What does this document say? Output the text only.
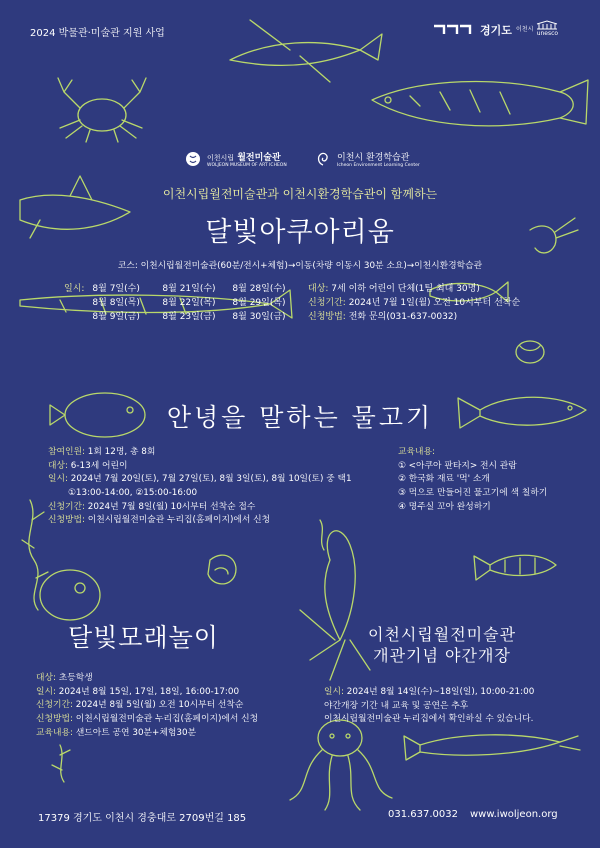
2024 박물관·미술관 지원 사업	경기도 이천시
unesco
이천시립 월전미술관
WOLJEON MUSEUM OF ART ICHEON
이천시 환경학습관
Icheon Environment Learning Center
이천시립월전미술관과 이천시환경학습관이 함께하는
달빛아쿠아리움
코스: 이천시립월전미술관(60분/전시+체험)→이동(차량 이동시 30분 소요)→이천시환경학습관
일시: 8월 7일(수)	8월 21일(수)	8월 28일(수)
8월 8일(목)	8월 22일(목)	8월 29일(목)
8월 9일(금)	8월 23일(금)	8월 30일(금)
대상: 7세 이하 어린이 단체(1팀 최대 30명)
신청기간: 2024년 7월 1일(월) 오전 10시부터 선착순
신청방법: 전화 문의(031-637-0032)
안녕을 말하는 물고기
참여인원: 1회 12명, 총 8회
대상: 6-13세 어린이
일시: 2024년 7월 20일(토), 7월 27일(토), 8월 3일(토), 8월 10일(토) 중 택1
①13:00-14:00, ②15:00-16:00
신청기간: 2024년 7월 8일(월) 10시부터 선착순 접수
신청방법: 이천시립월전미술관 누리집(홈페이지)에서 신청
교육내용:
① <아쿠아 판타지> 전시 관람
② 한국화 재료 '먹' 소개
③ 먹으로 만들어진 물고기에 색 칠하기
④ 명주실 꼬아 완성하기
달빛모래놀이
대상: 초등학생
일시: 2024년 8월 15일, 17일, 18일, 16:00-17:00
신청기간: 2024년 8월 5일(월) 오전 10시부터 선착순
신청방법: 이천시립월전미술관 누리집(홈페이지)에서 신청
교육내용: 샌드아트 공연 30분+체험30분
이천시립월전미술관
개관기념 야간개장
일시: 2024년 8월 14일(수)~18일(일), 10:00-21:00
야간개장 기간 내 교육 및 공연은 추후
이천시립월전미술관 누리집에서 확인하실 수 있습니다.
17379 경기도 이천시 경충대로 2709번길 185	031.637.0032 www.iwoljeon.org
